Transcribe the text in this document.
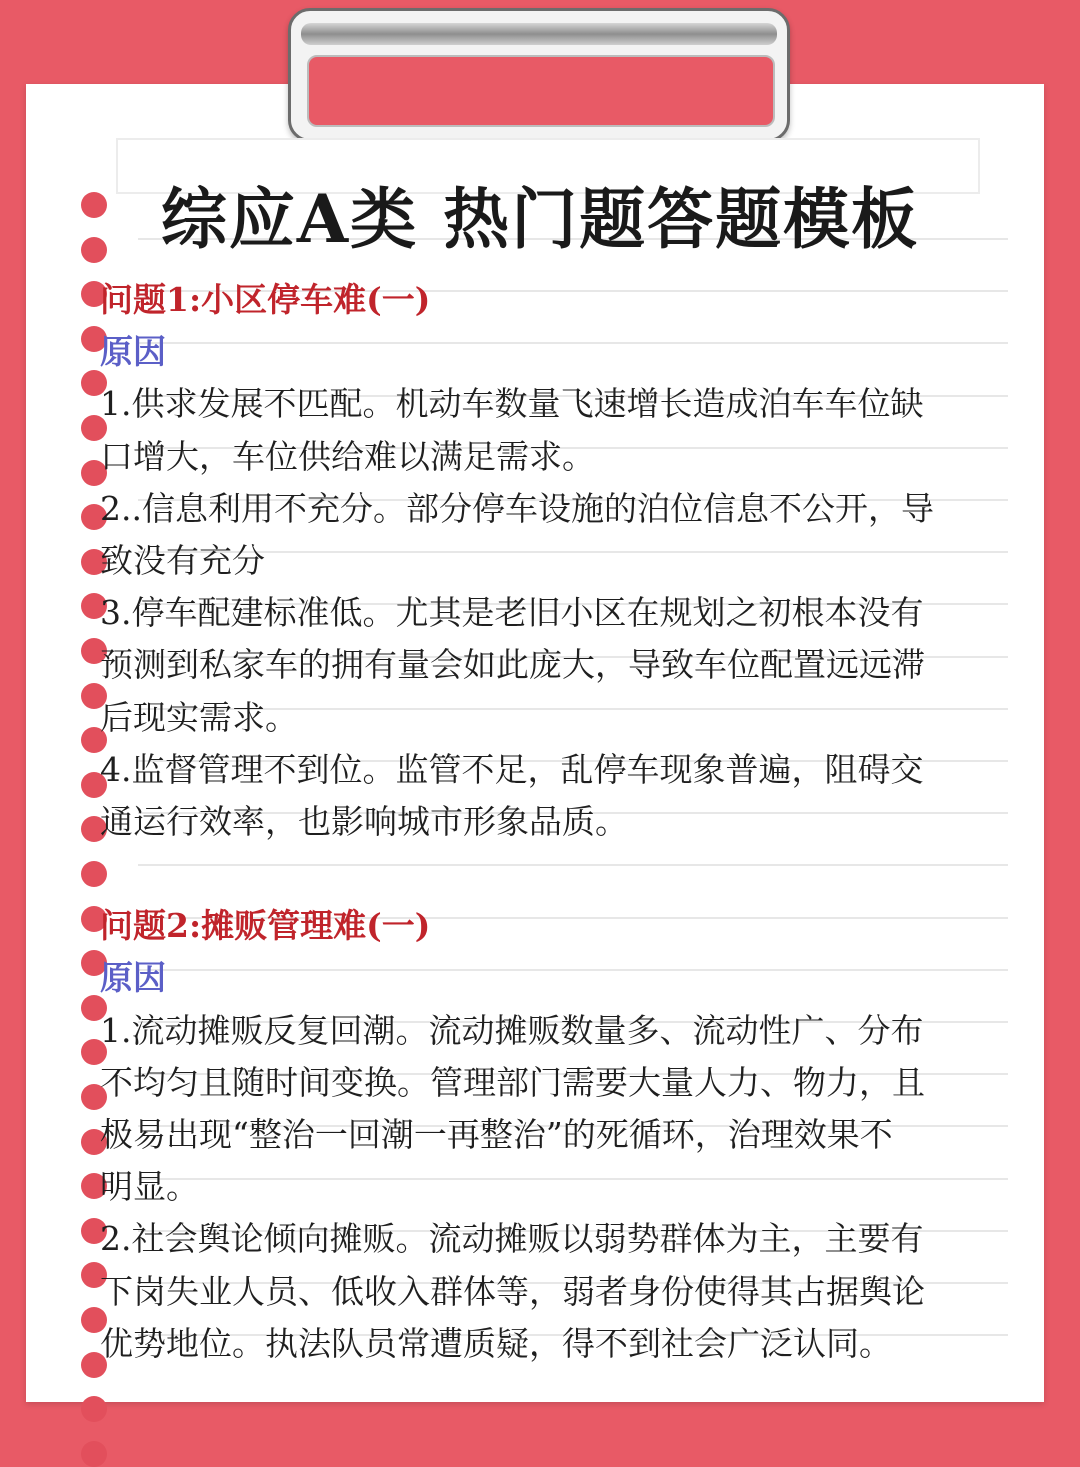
综应A类 热门题答题模板
问题1:小区停车难(一)
原因
1.供求发展不匹配。机动车数量飞速增长造成泊车车位缺
口增大，车位供给难以满足需求。
2..信息利用不充分。部分停车设施的泊位信息不公开，导
致没有充分
3.停车配建标准低。尤其是老旧小区在规划之初根本没有
预测到私家车的拥有量会如此庞大，导致车位配置远远滞
后现实需求。
4.监督管理不到位。监管不足，乱停车现象普遍，阻碍交
通运行效率，也影响城市形象品质。
问题2:摊贩管理难(一)
原因
1.流动摊贩反复回潮。流动摊贩数量多、流动性广、分布
不均匀且随时间变换。管理部门需要大量人力、物力，且
极易出现“整治一回潮一再整治”的死循环，治理效果不
明显。
2.社会舆论倾向摊贩。流动摊贩以弱势群体为主，主要有
下岗失业人员、低收入群体等，弱者身份使得其占据舆论
优势地位。执法队员常遭质疑，得不到社会广泛认同。
